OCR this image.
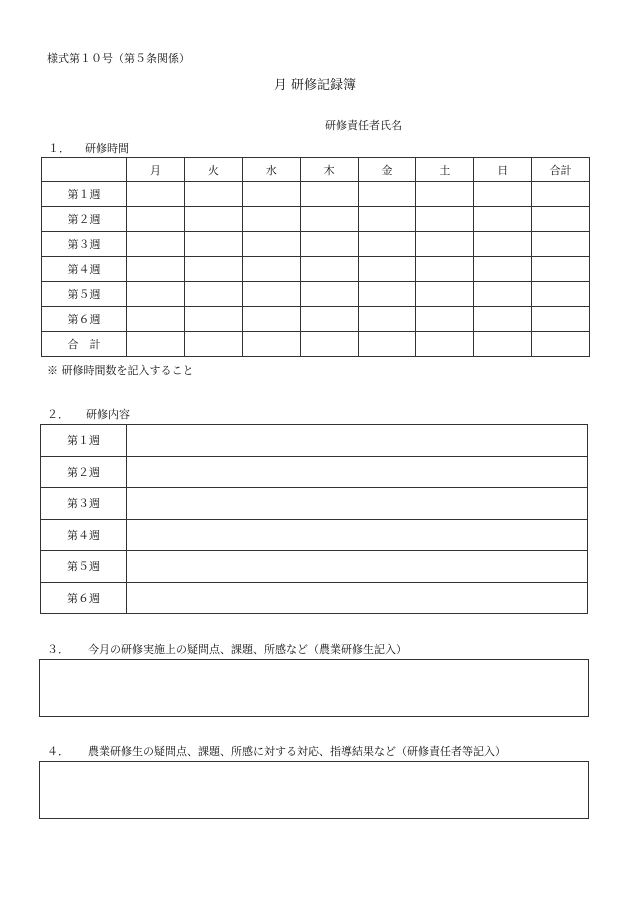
様式第１０号（第５条関係）
月 研修記録簿
研修責任者氏名
１． 研修時間
	月	火	水	木	金	土	日	合計
第１週								
第２週								
第３週								
第４週								
第５週								
第６週								
合　計								
※ 研修時間数を記入すること
２． 研修内容
第１週	
第２週	
第３週	
第４週	
第５週	
第６週	
３． 今月の研修実施上の疑問点、課題、所感など（農業研修生記入）
４． 農業研修生の疑問点、課題、所感に対する対応、指導結果など（研修責任者等記入）
